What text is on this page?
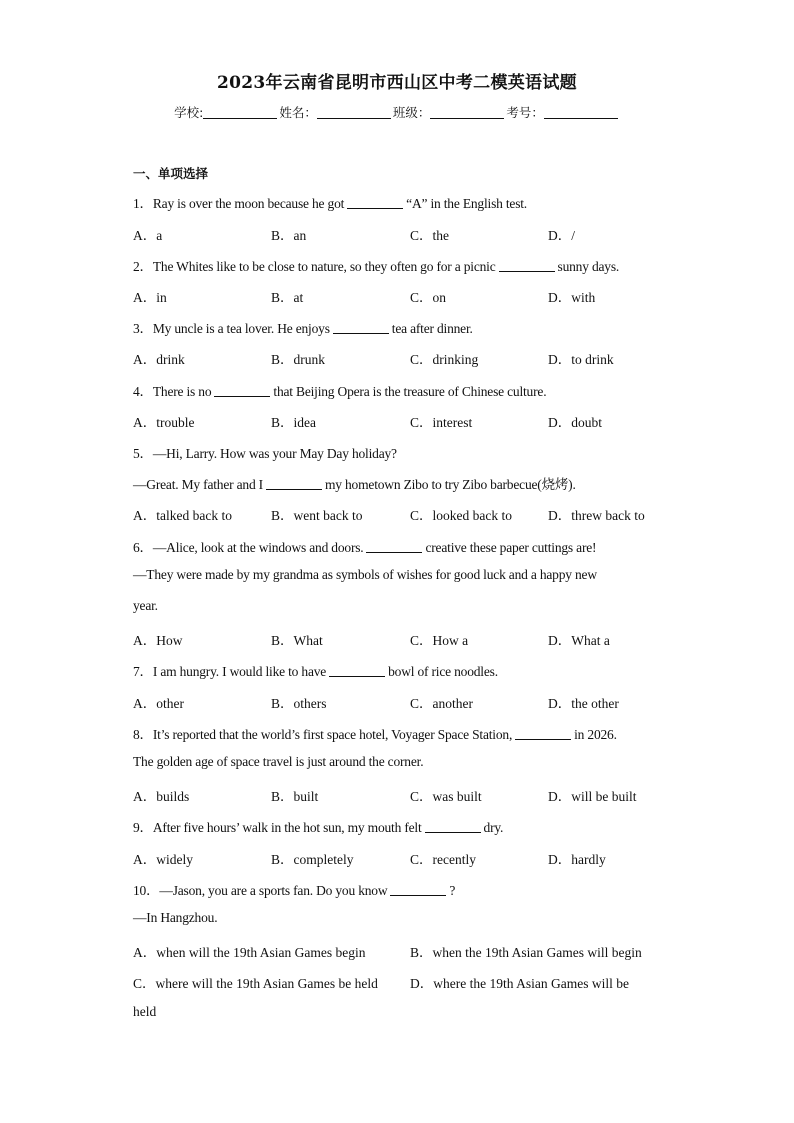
2023年云南省昆明市西山区中考二模英语试题
学校:	姓名：	班级：	考号：
一、单项选择
1．Ray is over the moon because he got	“A” in the English test.
A．a	B．an	C．the	D．/
2．The Whites like to be close to nature, so they often go for a picnic	sunny days.
A．in	B．at	C．on	D．with
3．My uncle is a tea lover. He enjoys	tea after dinner.
A．drink	B．drunk	C．drinking	D．to drink
4．There is no	that Beijing Opera is the treasure of Chinese culture.
A．trouble	B．idea	C．interest	D．doubt
5．—Hi, Larry. How was your May Day holiday?
—Great. My father and I	my hometown Zibo to try Zibo barbecue(烧烤).
A．talked back to	B．went back to	C．looked back to	D．threw back to
6．—Alice, look at the windows and doors.	creative these paper cuttings are!
—They were made by my grandma as symbols of wishes for good luck and a happy new
year.
A．How	B．What	C．How a	D．What a
7．I am hungry. I would like to have	bowl of rice noodles.
A．other	B．others	C．another	D．the other
8．It’s reported that the world’s first space hotel, Voyager Space Station,	in 2026.
The golden age of space travel is just around the corner.
A．builds	B．built	C．was built	D．will be built
9．After five hours’ walk in the hot sun, my mouth felt	dry.
A．widely	B．completely	C．recently	D．hardly
10．—Jason, you are a sports fan. Do you know	?
—In Hangzhou.
A．when will the 19th Asian Games begin	B．when the 19th Asian Games will begin
C．where will the 19th Asian Games be held D．where the 19th Asian Games will be
held
